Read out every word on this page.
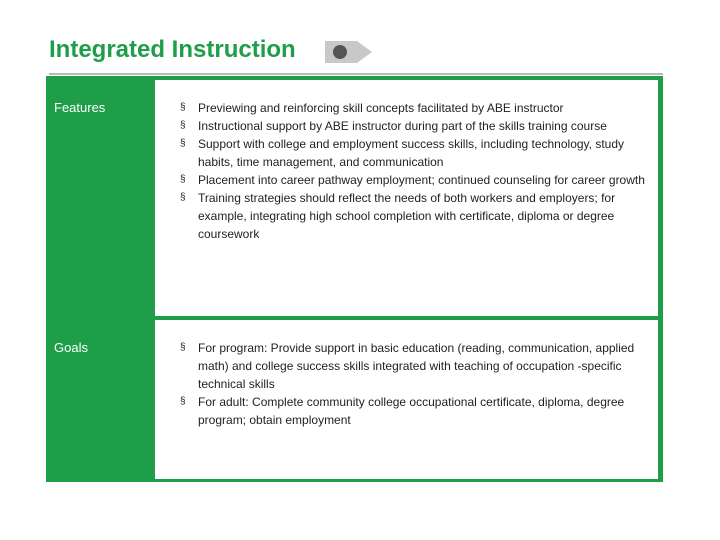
Integrated Instruction
Features	§ Previewing and reinforcing skill concepts facilitated by ABE instructor
§ Instructional support by ABE instructor during part of the skills training course
§ Support with college and employment success skills, including technology, study habits, time management, and communication
§ Placement into career pathway employment; continued counseling for career growth
§ Training strategies should reflect the needs of both workers and employers; for example, integrating high school completion with certificate, diploma or degree coursework
Goals	§ For program: Provide support in basic education (reading, communication, applied math) and college success skills integrated with teaching of occupation -specific technical skills
§ For adult: Complete community college occupational certificate, diploma, degree program; obtain employment
